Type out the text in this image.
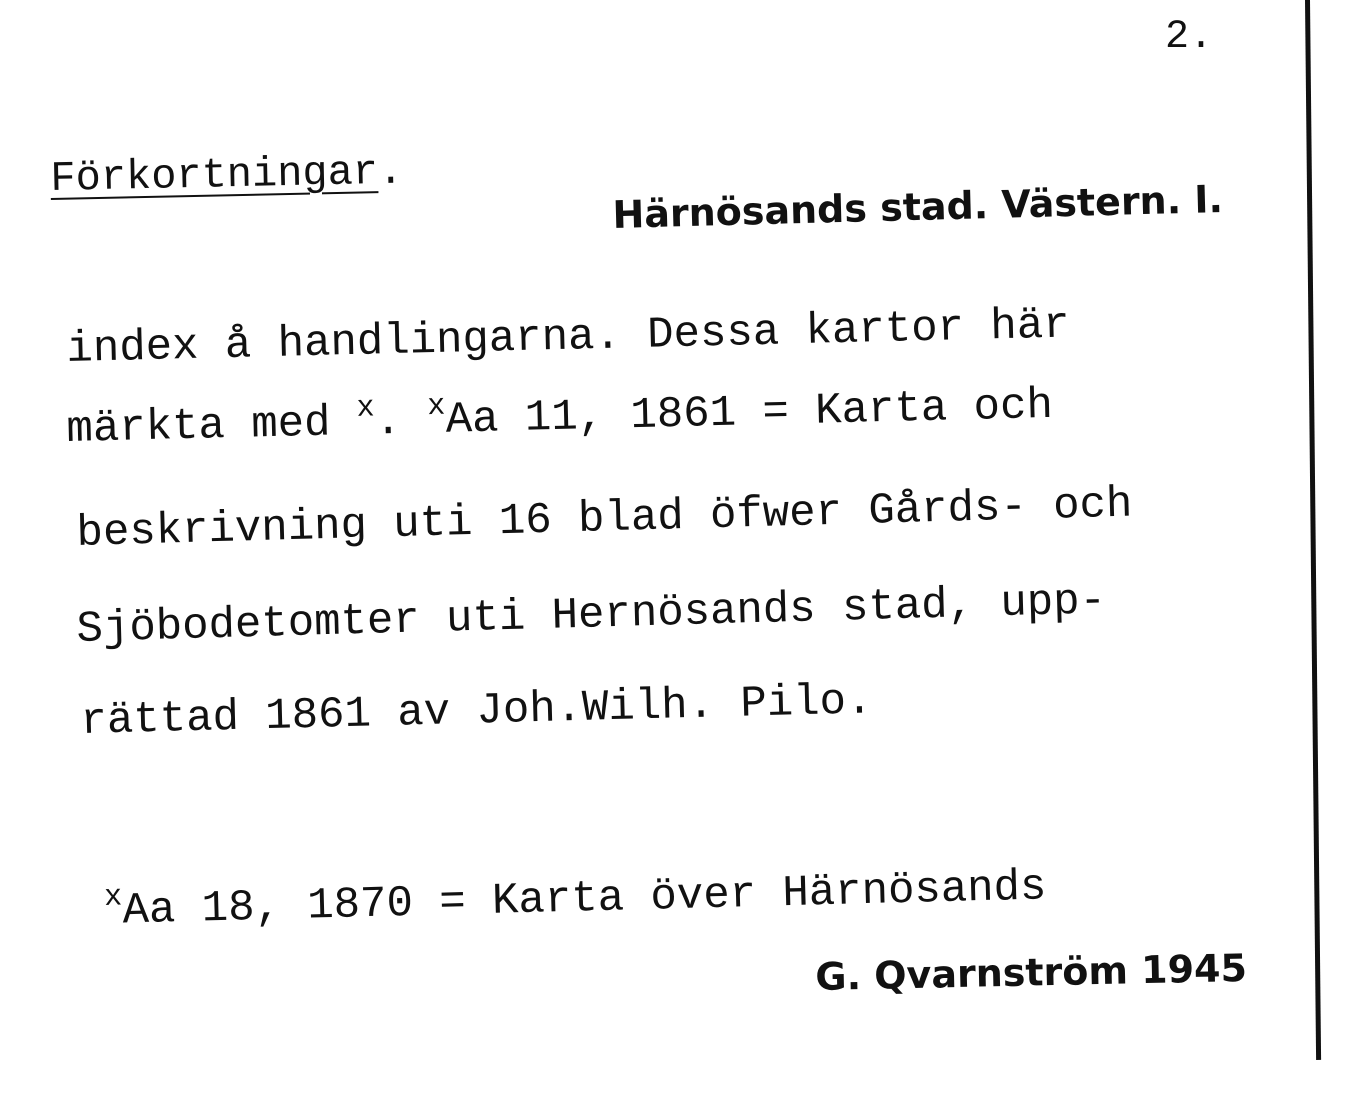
2.
Förkortningar.
Härnösands stad. Västern. I.
index å handlingarna. Dessa kartor här
märkta med $^x$. $^x$Aa 11, 1861 = Karta och
beskrivning uti 16 blad öfwer Gårds- och
Sjöbodetomter uti Hernösands stad, upp-
rättad 1861 av Joh.Wilh. Pilo.
$^x$Aa 18, 1870 = Karta över Härnösands
G. Qvarnström 1945
